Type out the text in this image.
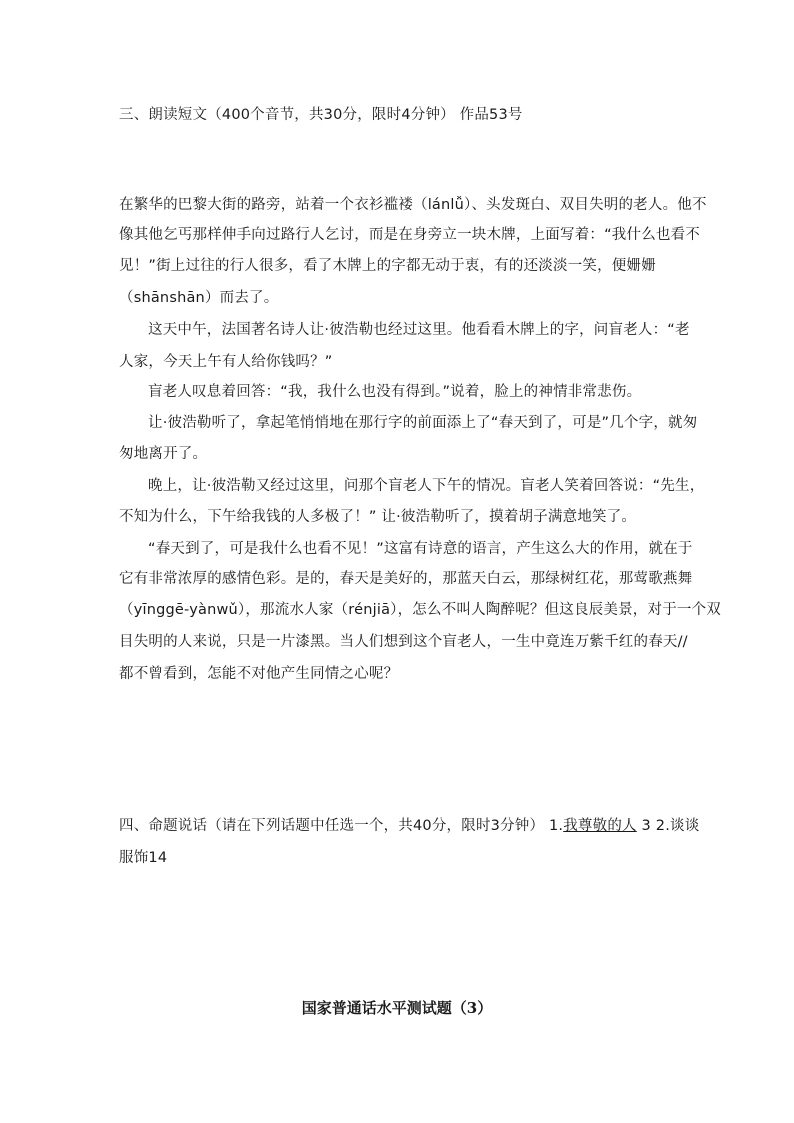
三、朗读短文（400个音节，共30分，限时4分钟） 作品53号
在繁华的巴黎大街的路旁，站着一个衣衫褴褛（lánlǚ）、头发斑白、双目失明的老人。他不
像其他乞丐那样伸手向过路行人乞讨，而是在身旁立一块木牌，上面写着：“我什么也看不
见！”街上过往的行人很多，看了木牌上的字都无动于衷，有的还淡淡一笑，便姗姗
（shānshān）而去了。
这天中午，法国著名诗人让·彼浩勒也经过这里。他看看木牌上的字，问盲老人：“老
人家，今天上午有人给你钱吗？”
盲老人叹息着回答：“我，我什么也没有得到。”说着，脸上的神情非常悲伤。
让·彼浩勒听了，拿起笔悄悄地在那行字的前面添上了“春天到了，可是”几个字，就匆
匆地离开了。
晚上，让·彼浩勒又经过这里，问那个盲老人下午的情况。盲老人笑着回答说：“先生，
不知为什么，下午给我钱的人多极了！” 让·彼浩勒听了，摸着胡子满意地笑了。
“春天到了，可是我什么也看不见！”这富有诗意的语言，产生这么大的作用，就在于
它有非常浓厚的感情色彩。是的，春天是美好的，那蓝天白云，那绿树红花，那莺歌燕舞
（yīnggē-yànwǔ），那流水人家（rénjiā），怎么不叫人陶醉呢？但这良辰美景，对于一个双
目失明的人来说，只是一片漆黑。当人们想到这个盲老人，一生中竟连万紫千红的春天//
都不曾看到，怎能不对他产生同情之心呢？
四、命题说话（请在下列话题中任选一个，共40分，限时3分钟） 1.我尊敬的人 3 2.谈谈
服饰14
国家普通话水平测试题（3）
